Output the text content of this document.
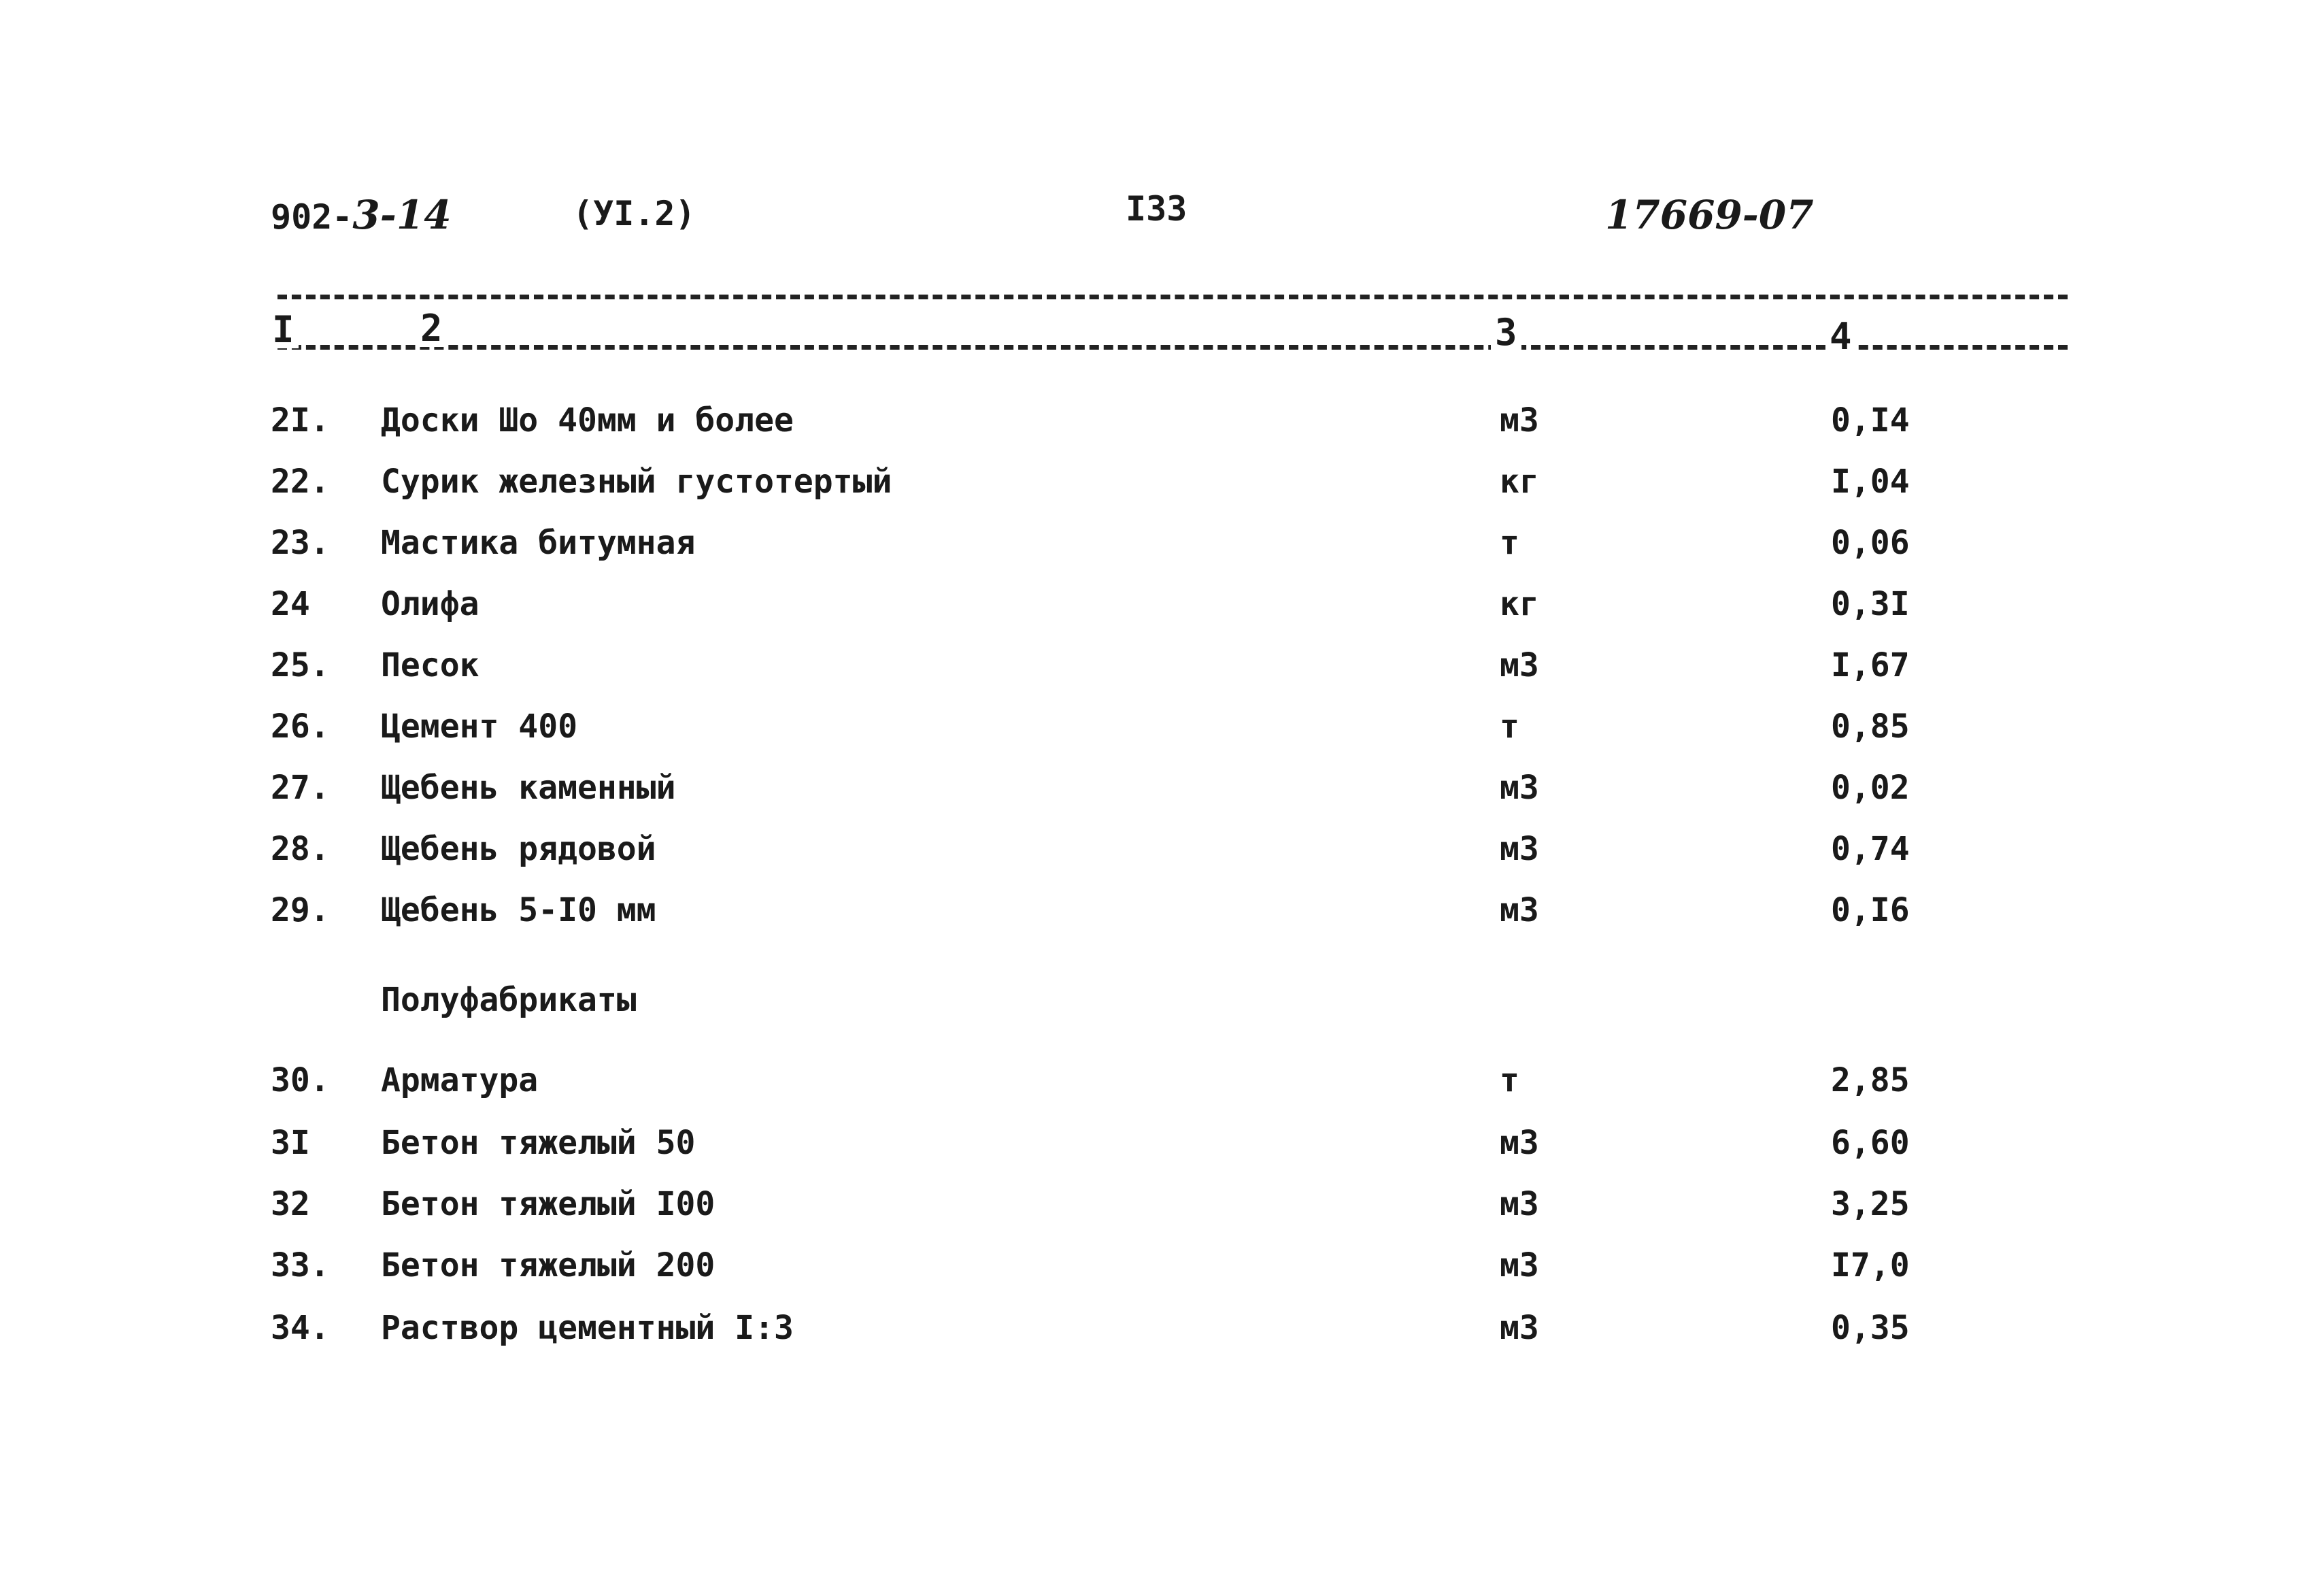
902-3-14	(УІ.2)	І33	17669-07
І	2	3	4
2І. Доски Шо 40мм и более	м3	0,І4
22. Сурик железный густотертый	кг	І,04
23. Мастика битумная	т	0,06
24 Олифа	кг	0,3І
25. Песок	м3	І,67
26. Цемент 400	т	0,85
27. Щебень каменный	м3	0,02
28. Щебень рядовой	м3	0,74
29. Щебень 5-І0 мм	м3	0,І6
Полуфабрикаты
30. Арматура	т	2,85
3І Бетон тяжелый 50	м3	6,60
32 Бетон тяжелый І00	м3	3,25
33. Бетон тяжелый 200	м3	І7,0
34. Раствор цементный І:3	м3	0,35
